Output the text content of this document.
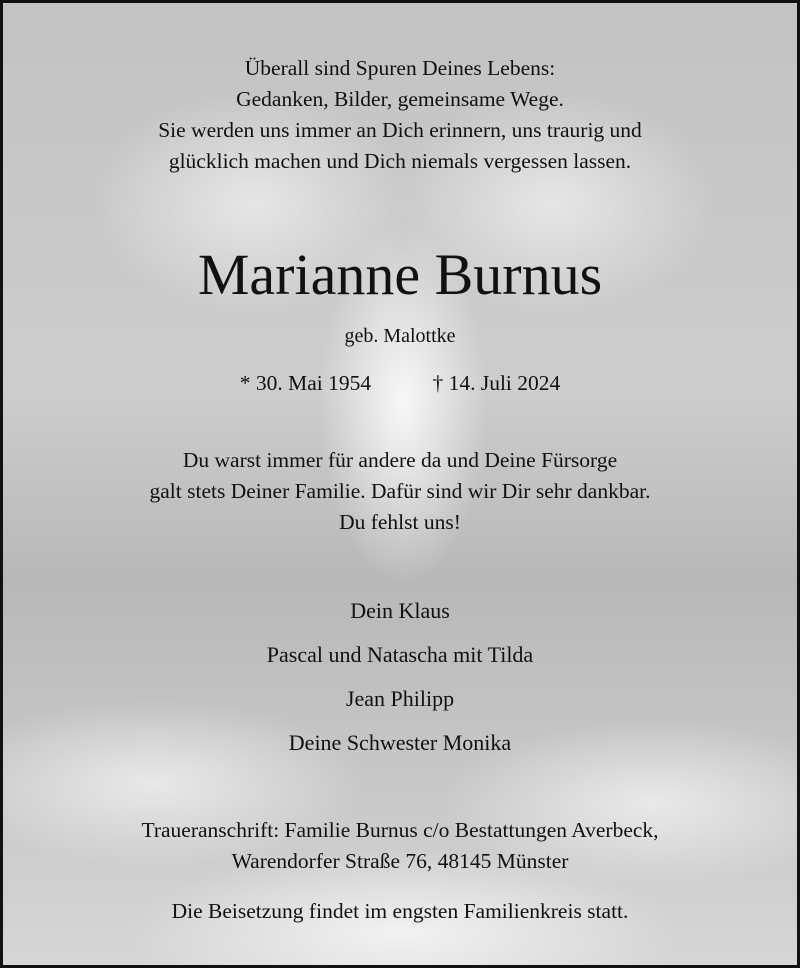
Überall sind Spuren Deines Lebens:
Gedanken, Bilder, gemeinsame Wege.
Sie werden uns immer an Dich erinnern, uns traurig und
glücklich machen und Dich niemals vergessen lassen.
Marianne Burnus
geb. Malottke
* 30. Mai 1954	† 14. Juli 2024
Du warst immer für andere da und Deine Fürsorge
galt stets Deiner Familie. Dafür sind wir Dir sehr dankbar.
Du fehlst uns!
Dein Klaus
Pascal und Natascha mit Tilda
Jean Philipp
Deine Schwester Monika
Traueranschrift: Familie Burnus c/o Bestattungen Averbeck,
Warendorfer Straße 76, 48145 Münster
Die Beisetzung findet im engsten Familienkreis statt.
